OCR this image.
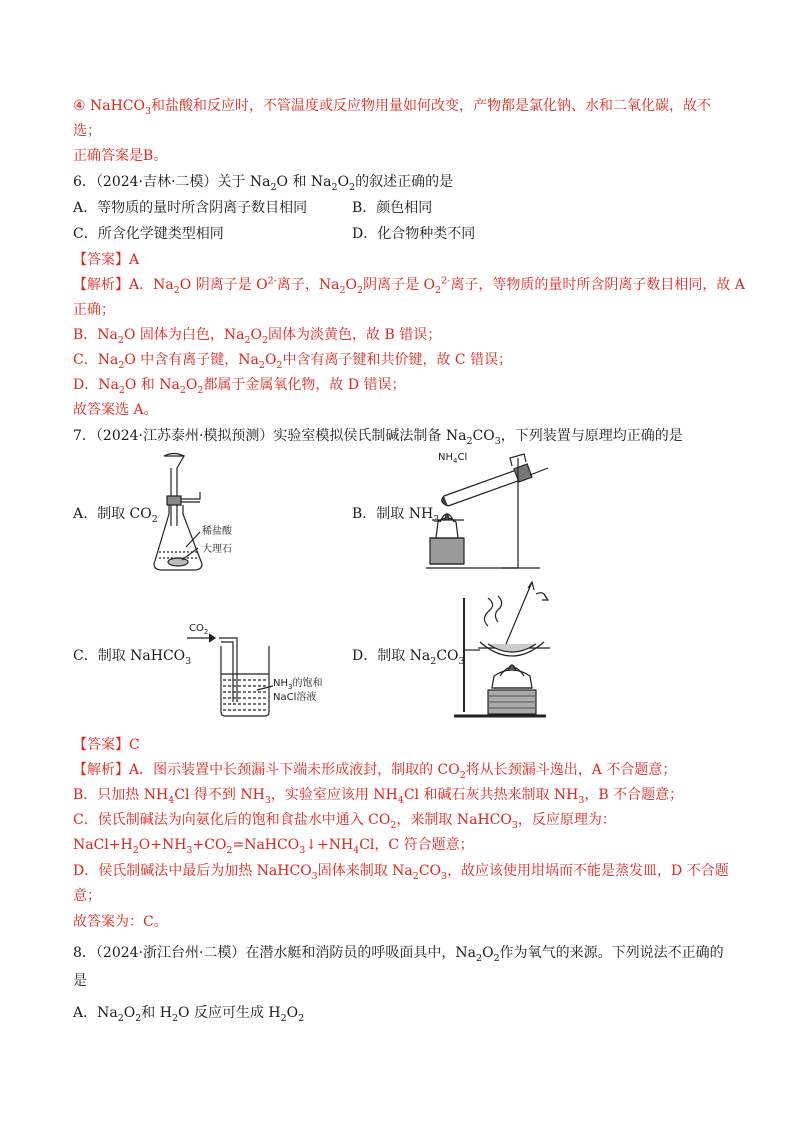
④ NaHCO$_3$和盐酸和反应时，不管温度或反应物用量如何改变，产物都是氯化钠、水和二氧化碳，故不
选；
正确答案是B。
6．（2024·吉林·二模）关于 $Na_2O$ 和 $Na_2O_2$的叙述正确的是
A．等物质的量时所含阴离子数目相同	B．颜色相同
C．所含化学键类型相同	D．化合物种类不同
【答案】A
【解析】A．$Na_2O$ 阴离子是 $O^{2-}$离子，$Na_2O_2$阴离子是 $O_2^{2-}$离子，等物质的量时所含阴离子数目相同，故 A
正确；
B．$Na_2O$ 固体为白色，$Na_2O_2$固体为淡黄色，故 B 错误；
C．$Na_2O$ 中含有离子键，$Na_2O_2$中含有离子键和共价键，故 C 错误；
D．$Na_2O$ 和 $Na_2O_2$都属于金属氧化物，故 D 错误；
故答案选 A。
7．（2024·江苏泰州·模拟预测）实验室模拟侯氏制碱法制备 $Na_2CO_3$，下列装置与原理均正确的是
A．制取 $CO_2$	B．制取 $NH_3$
C．制取 NaHCO$_3$	D．制取 $Na_2CO_3$
稀盐酸
大理石
$NH_4Cl$
$CO_2$
$NH_3$的饱和
NaCl溶液
【答案】C
【解析】A．图示装置中长颈漏斗下端未形成液封，制取的 $CO_2$将从长颈漏斗逸出，A 不合题意；
B．只加热 $NH_4Cl$ 得不到 $NH_3$，实验室应该用 $NH_4Cl$ 和碱石灰共热来制取 $NH_3$，B 不合题意；
C．侯氏制碱法为向氨化后的饱和食盐水中通入 $CO_2$，来制取 NaHCO$_3$，反应原理为：
$NaCl+H_2O+NH_3+CO_2=NaHCO_3↓+NH_4Cl$，C 符合题意；
D．侯氏制碱法中最后为加热 NaHCO$_3$固体来制取 $Na_2CO_3$，故应该使用坩埚而不能是蒸发皿，D 不合题
意；
故答案为：C。
8．（2024·浙江台州·二模）在潜水艇和消防员的呼吸面具中，$Na_2O_2$作为氧气的来源。下列说法不正确的
是
A．$Na_2O_2$和 $H_2O$ 反应可生成 $H_2O_2$
